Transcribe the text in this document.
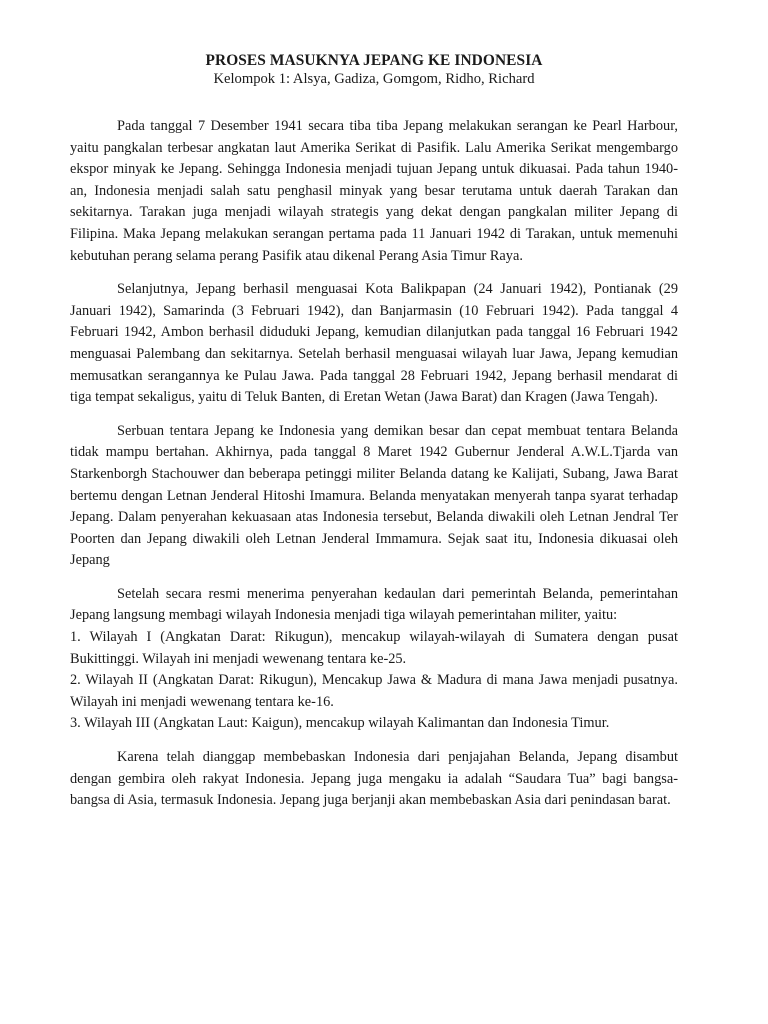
PROSES MASUKNYA JEPANG KE INDONESIA

Kelompok 1: Alsya, Gadiza, Gomgom, Ridho, Richard

Pada tanggal 7 Desember 1941 secara tiba tiba Jepang melakukan serangan ke Pearl Harbour, yaitu pangkalan terbesar angkatan laut Amerika Serikat di Pasifik. Lalu Amerika Serikat mengembargo ekspor minyak ke Jepang. Sehingga Indonesia menjadi tujuan Jepang untuk dikuasai. Pada tahun 1940-an, Indonesia menjadi salah satu penghasil minyak yang besar terutama untuk daerah Tarakan dan sekitarnya. Tarakan juga menjadi wilayah strategis yang dekat dengan pangkalan militer Jepang di Filipina. Maka Jepang melakukan serangan pertama pada 11 Januari 1942 di Tarakan, untuk memenuhi kebutuhan perang selama perang Pasifik atau dikenal Perang Asia Timur Raya.

Selanjutnya, Jepang berhasil menguasai Kota Balikpapan (24 Januari 1942), Pontianak (29 Januari 1942), Samarinda (3 Februari 1942), dan Banjarmasin (10 Februari 1942). Pada tanggal 4 Februari 1942, Ambon berhasil diduduki Jepang, kemudian dilanjutkan pada tanggal 16 Februari 1942 menguasai Palembang dan sekitarnya. Setelah berhasil menguasai wilayah luar Jawa, Jepang kemudian memusatkan serangannya ke Pulau Jawa. Pada tanggal 28 Februari 1942, Jepang berhasil mendarat di tiga tempat sekaligus, yaitu di Teluk Banten, di Eretan Wetan (Jawa Barat) dan Kragen (Jawa Tengah).

Serbuan tentara Jepang ke Indonesia yang demikan besar dan cepat membuat tentara Belanda tidak mampu bertahan. Akhirnya, pada tanggal 8 Maret 1942 Gubernur Jenderal A.W.L.Tjarda van Starkenborgh Stachouwer dan beberapa petinggi militer Belanda datang ke Kalijati, Subang, Jawa Barat bertemu dengan Letnan Jenderal Hitoshi Imamura. Belanda menyatakan menyerah tanpa syarat terhadap Jepang. Dalam penyerahan kekuasaan atas Indonesia tersebut, Belanda diwakili oleh Letnan Jendral Ter Poorten dan Jepang diwakili oleh Letnan Jenderal Immamura. Sejak saat itu, Indonesia dikuasai oleh Jepang

Setelah secara resmi menerima penyerahan kedaulan dari pemerintah Belanda, pemerintahan Jepang langsung membagi wilayah Indonesia menjadi tiga wilayah pemerintahan militer, yaitu:

1. Wilayah I (Angkatan Darat: Rikugun), mencakup wilayah-wilayah di Sumatera dengan pusat Bukittinggi. Wilayah ini menjadi wewenang tentara ke-25.

2. Wilayah II (Angkatan Darat: Rikugun), Mencakup Jawa & Madura di mana Jawa menjadi pusatnya. Wilayah ini menjadi wewenang tentara ke-16.

3. Wilayah III (Angkatan Laut: Kaigun), mencakup wilayah Kalimantan dan Indonesia Timur.

Karena telah dianggap membebaskan Indonesia dari penjajahan Belanda, Jepang disambut dengan gembira oleh rakyat Indonesia. Jepang juga mengaku ia adalah “Saudara Tua” bagi bangsa-bangsa di Asia, termasuk Indonesia. Jepang juga berjanji akan membebaskan Asia dari penindasan barat.
